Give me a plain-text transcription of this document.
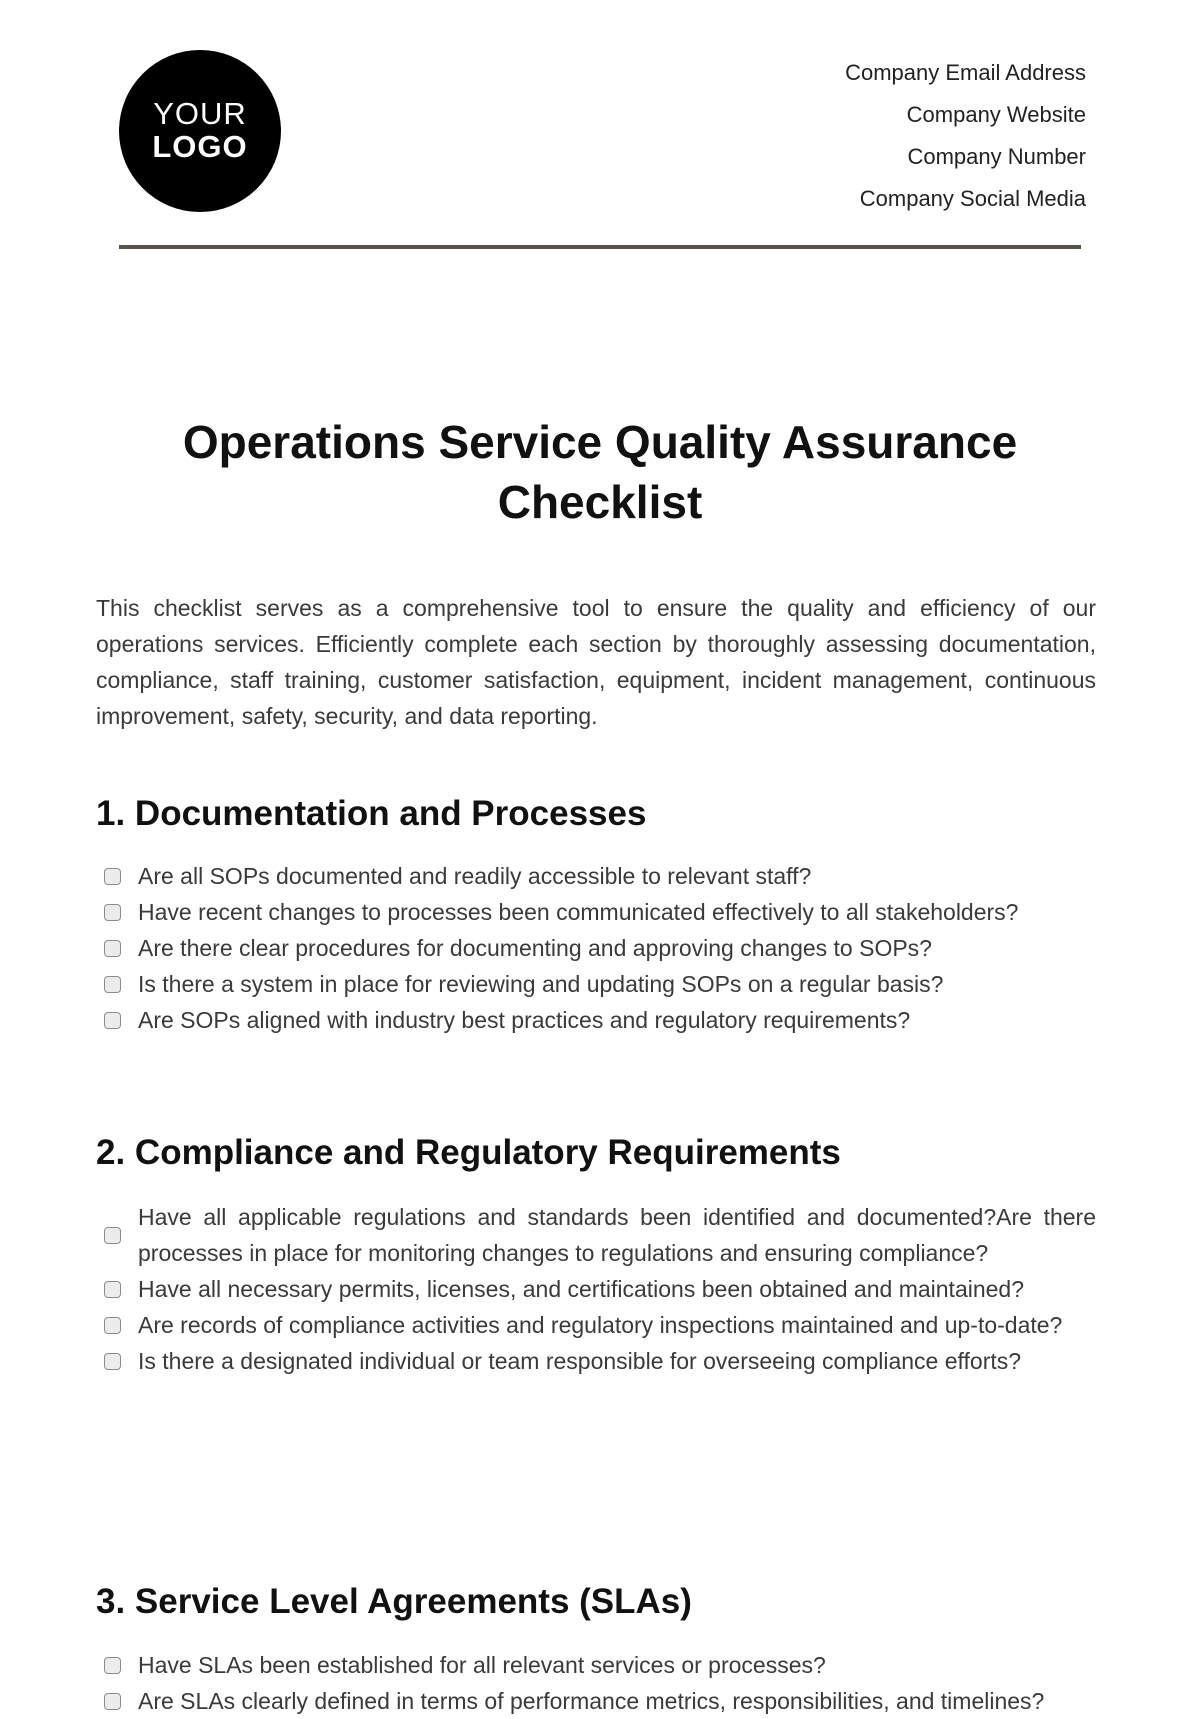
YOUR
LOGO
Company Email Address
Company Website
Company Number
Company Social Media
Operations Service Quality Assurance Checklist

This checklist serves as a comprehensive tool to ensure the quality and efficiency of our operations services. Efficiently complete each section by thoroughly assessing documentation, compliance, staff training, customer satisfaction, equipment, incident management, continuous improvement, safety, security, and data reporting.

1. Documentation and Processes
Are all SOPs documented and readily accessible to relevant staff?
Have recent changes to processes been communicated effectively to all stakeholders?
Are there clear procedures for documenting and approving changes to SOPs?
Is there a system in place for reviewing and updating SOPs on a regular basis?
Are SOPs aligned with industry best practices and regulatory requirements?
2. Compliance and Regulatory Requirements
Have all applicable regulations and standards been identified and documented?Are there processes in place for monitoring changes to regulations and ensuring compliance?
Have all necessary permits, licenses, and certifications been obtained and maintained?
Are records of compliance activities and regulatory inspections maintained and up-to-date?
Is there a designated individual or team responsible for overseeing compliance efforts?
3. Service Level Agreements (SLAs)
Have SLAs been established for all relevant services or processes?
Are SLAs clearly defined in terms of performance metrics, responsibilities, and timelines?
